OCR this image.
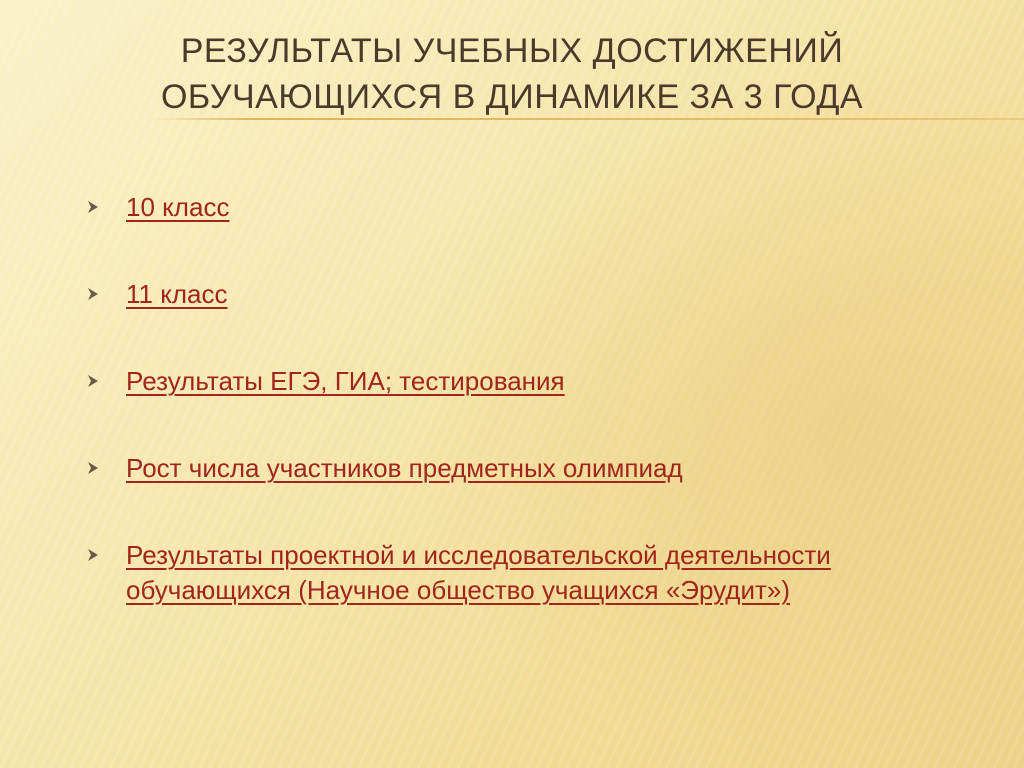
РЕЗУЛЬТАТЫ УЧЕБНЫХ ДОСТИЖЕНИЙ
ОБУЧАЮЩИХСЯ В ДИНАМИКЕ ЗА 3 ГОДА
10 класс
11 класс
Результаты ЕГЭ, ГИА; тестирования
Рост числа участников предметных олимпиад
Результаты проектной и исследовательской деятельности обучающихся (Научное общество учащихся «Эрудит»)
